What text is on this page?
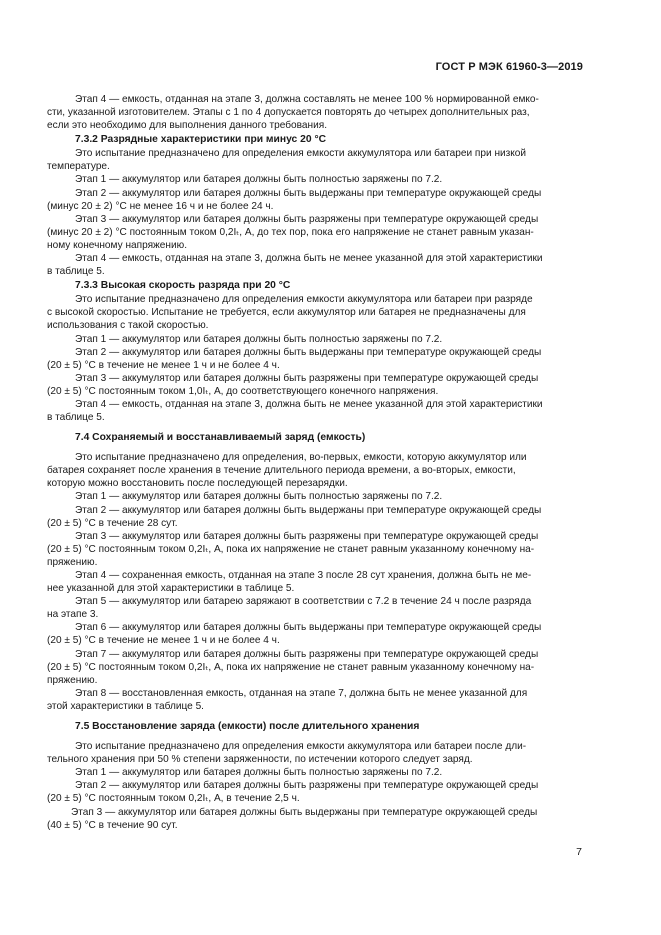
ГОСТ Р МЭК 61960-3—2019

Этап 4 — емкость, отданная на этапе 3, должна составлять не менее 100 % нормированной емко-

сти, указанной изготовителем. Этапы с 1 по 4 допускается повторять до четырех дополнительных раз,

если это необходимо для выполнения данного требования.

7.3.2 Разрядные характеристики при минус 20 °С

Это испытание предназначено для определения емкости аккумулятора или батареи при низкой

температуре.

Этап 1 — аккумулятор или батарея должны быть полностью заряжены по 7.2.

Этап 2 — аккумулятор или батарея должны быть выдержаны при температуре окружающей среды

(минус 20 ± 2) °С не менее 16 ч и не более 24 ч.

Этап 3 — аккумулятор или батарея должны быть разряжены при температуре окружающей среды

(минус 20 ± 2) °С постоянным током 0,2Iₜ, А, до тех пор, пока его напряжение не станет равным указан-

ному конечному напряжению.

Этап 4 — емкость, отданная на этапе 3, должна быть не менее указанной для этой характеристики

в таблице 5.

7.3.3 Высокая скорость разряда при 20 °С

Это испытание предназначено для определения емкости аккумулятора или батареи при разряде

с высокой скоростью. Испытание не требуется, если аккумулятор или батарея не предназначены для

использования с такой скоростью.

Этап 1 — аккумулятор или батарея должны быть полностью заряжены по 7.2.

Этап 2 — аккумулятор или батарея должны быть выдержаны при температуре окружающей среды

(20 ± 5) °С в течение не менее 1 ч и не более 4 ч.

Этап 3 — аккумулятор или батарея должны быть разряжены при температуре окружающей среды

(20 ± 5) °С постоянным током 1,0Iₜ, А, до соответствующего конечного напряжения.

Этап 4 — емкость, отданная на этапе 3, должна быть не менее указанной для этой характеристики

в таблице 5.

7.4 Сохраняемый и восстанавливаемый заряд (емкость)

Это испытание предназначено для определения, во-первых, емкости, которую аккумулятор или

батарея сохраняет после хранения в течение длительного периода времени, а во-вторых, емкости,

которую можно восстановить после последующей перезарядки.

Этап 1 — аккумулятор или батарея должны быть полностью заряжены по 7.2.

Этап 2 — аккумулятор или батарея должны быть выдержаны при температуре окружающей среды

(20 ± 5) °С в течение 28 сут.

Этап 3 — аккумулятор или батарея должны быть разряжены при температуре окружающей среды

(20 ± 5) °С постоянным током 0,2Iₜ, А, пока их напряжение не станет равным указанному конечному на-

пряжению.

Этап 4 — сохраненная емкость, отданная на этапе 3 после 28 сут хранения, должна быть не ме-

нее указанной для этой характеристики в таблице 5.

Этап 5 — аккумулятор или батарею заряжают в соответствии с 7.2 в течение 24 ч после разряда

на этапе 3.

Этап 6 — аккумулятор или батарея должны быть выдержаны при температуре окружающей среды

(20 ± 5) °С в течение не менее 1 ч и не более 4 ч.

Этап 7 — аккумулятор или батарея должны быть разряжены при температуре окружающей среды

(20 ± 5) °С постоянным током 0,2Iₜ, А, пока их напряжение не станет равным указанному конечному на-

пряжению.

Этап 8 — восстановленная емкость, отданная на этапе 7, должна быть не менее указанной для

этой характеристики в таблице 5.

7.5 Восстановление заряда (емкости) после длительного хранения

Это испытание предназначено для определения емкости аккумулятора или батареи после дли-

тельного хранения при 50 % степени заряженности, по истечении которого следует заряд.

Этап 1 — аккумулятор или батарея должны быть полностью заряжены по 7.2.

Этап 2 — аккумулятор или батарея должны быть разряжены при температуре окружающей среды

(20 ± 5) °С постоянным током 0,2Iₜ, А, в течение 2,5 ч.

Этап 3 — аккумулятор или батарея должны быть выдержаны при температуре окружающей среды

(40 ± 5) °С в течение 90 сут.

7
